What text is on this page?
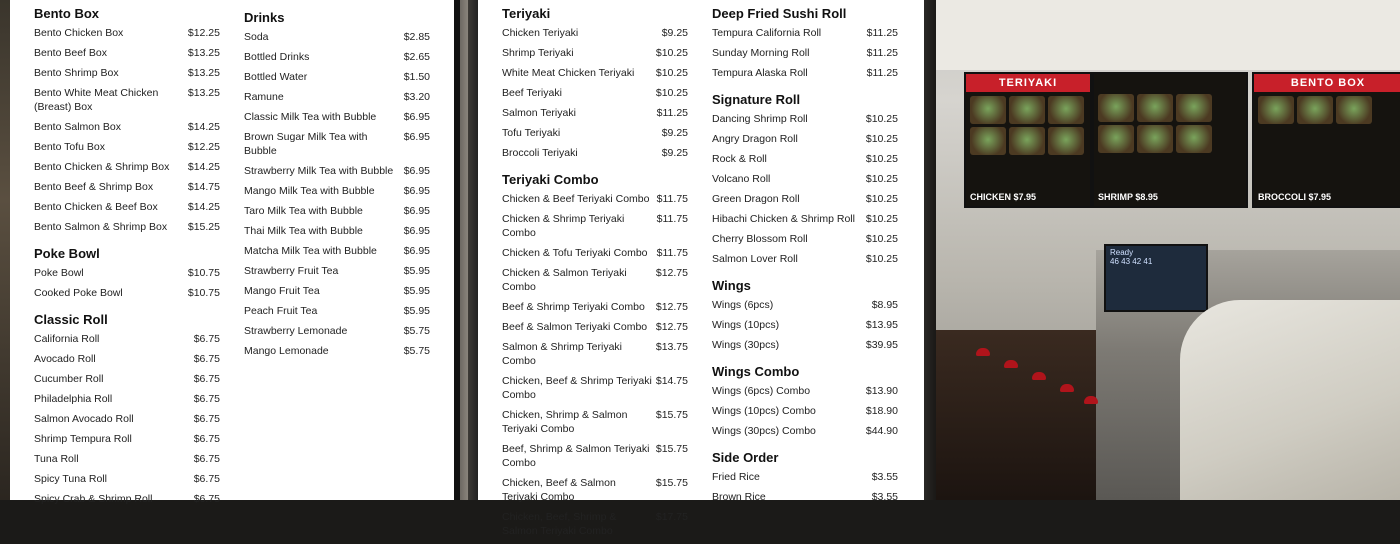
Bento Box
Bento Chicken Box	$12.25
Bento Beef Box	$13.25
Bento Shrimp Box	$13.25
Bento White Meat Chicken (Breast) Box
$13.25
Bento Salmon Box	$14.25
Bento Tofu Box	$12.25
Bento Chicken & Shrimp Box	$14.25
Bento Beef & Shrimp Box	$14.75
Bento Chicken & Beef Box	$14.25
Bento Salmon & Shrimp Box	$15.25
Poke Bowl
Poke Bowl	$10.75
Cooked Poke Bowl	$10.75
Classic Roll
California Roll	$6.75
Avocado Roll	$6.75
Cucumber Roll	$6.75
Philadelphia Roll	$6.75
Salmon Avocado Roll	$6.75
Shrimp Tempura Roll	$6.75
Tuna Roll	$6.75
Spicy Tuna Roll	$6.75
Spicy Crab & Shrimp Roll	$6.75
Drinks
Soda	$2.85
Bottled Drinks	$2.65
Bottled Water	$1.50
Ramune	$3.20
Classic Milk Tea with Bubble	$6.95
Brown Sugar Milk Tea with Bubble
$6.95
Strawberry Milk Tea with Bubble	$6.95
Mango Milk Tea with Bubble	$6.95
Taro Milk Tea with Bubble	$6.95
Thai Milk Tea with Bubble	$6.95
Matcha Milk Tea with Bubble	$6.95
Strawberry Fruit Tea	$5.95
Mango Fruit Tea	$5.95
Peach Fruit Tea	$5.95
Strawberry Lemonade	$5.75
Mango Lemonade	$5.75
Teriyaki
Chicken Teriyaki	$9.25
Shrimp Teriyaki	$10.25
White Meat Chicken Teriyaki	$10.25
Beef Teriyaki	$10.25
Salmon Teriyaki	$11.25
Tofu Teriyaki	$9.25
Broccoli Teriyaki	$9.25
Teriyaki Combo
Chicken & Beef Teriyaki Combo $11.75
Chicken & Shrimp Teriyaki Combo
$11.75
Chicken & Tofu Teriyaki Combo $11.75
Chicken & Salmon Teriyaki Combo
$12.75
Beef & Shrimp Teriyaki Combo	$12.75
Beef & Salmon Teriyaki Combo $12.75
Salmon & Shrimp Teriyaki Combo
$13.75
Chicken, Beef & Shrimp Teriyaki Combo
$14.75
Chicken, Shrimp & Salmon Teriyaki Combo
$15.75
Beef, Shrimp & Salmon Teriyaki Combo
$15.75
Chicken, Beef & Salmon Teriyaki Combo
$15.75
Chicken, Beef, Shrimp & Salmon Teriyaki Combo
$17.75
Deep Fried Sushi Roll
Tempura California Roll	$11.25
Sunday Morning Roll	$11.25
Tempura Alaska Roll	$11.25
Signature Roll
Dancing Shrimp Roll	$10.25
Angry Dragon Roll	$10.25
Rock & Roll	$10.25
Volcano Roll	$10.25
Green Dragon Roll	$10.25
Hibachi Chicken & Shrimp Roll	$10.25
Cherry Blossom Roll	$10.25
Salmon Lover Roll	$10.25
Wings
Wings (6pcs)	$8.95
Wings (10pcs)	$13.95
Wings (30pcs)	$39.95
Wings Combo
Wings (6pcs) Combo	$13.90
Wings (10pcs) Combo	$18.90
Wings (30pcs) Combo	$44.90
Side Order
Fried Rice	$3.55
Brown Rice	$3.55
TERIYAKI
CHICKEN $7.95	SHRIMP $8.95
BENTO BOX
BROCCOLI $7.95
Ready
46 43 42 41
